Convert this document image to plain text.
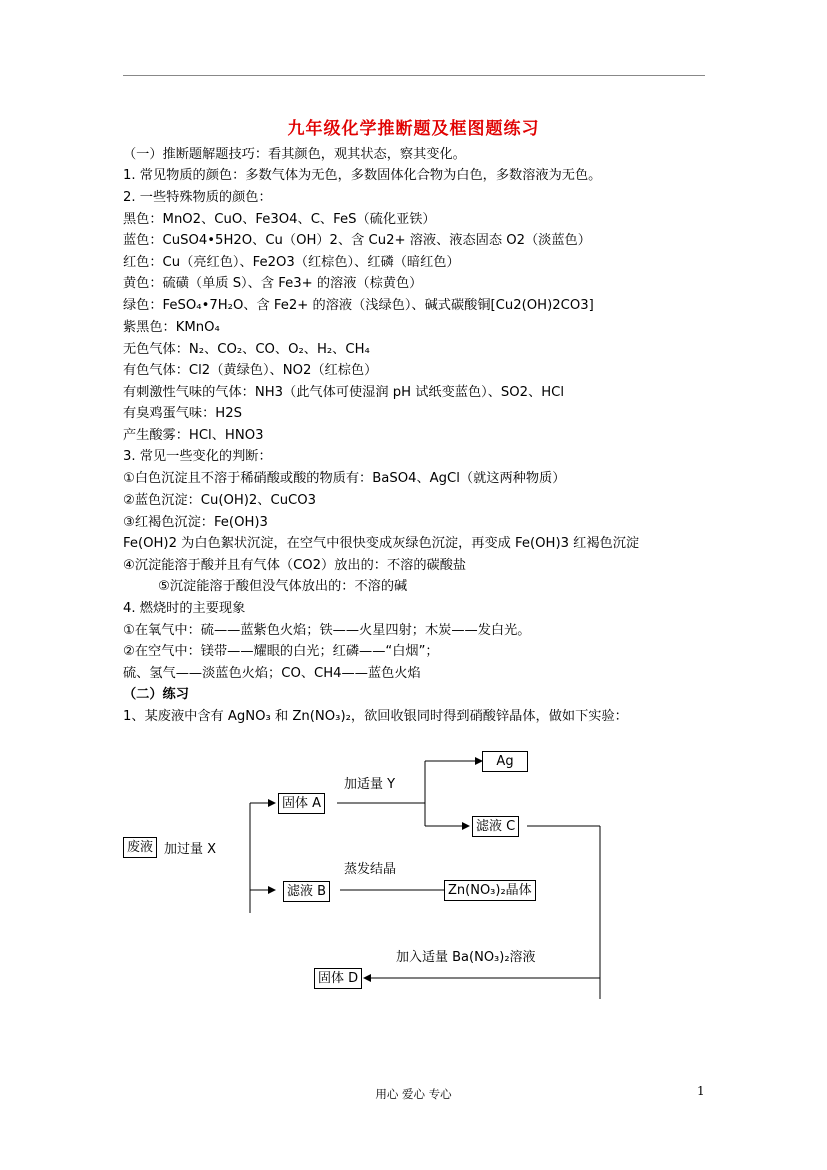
九年级化学推断题及框图题练习
（一）推断题解题技巧：看其颜色，观其状态，察其变化。
1. 常见物质的颜色：多数气体为无色，多数固体化合物为白色，多数溶液为无色。
2. 一些特殊物质的颜色：
黑色：MnO2、CuO、Fe3O4、C、FeS（硫化亚铁）
蓝色：CuSO4•5H2O、Cu（OH）2、含 Cu2+ 溶液、液态固态 O2（淡蓝色）
红色：Cu（亮红色）、Fe2O3（红棕色）、红磷（暗红色）
黄色：硫磺（单质 S）、含 Fe3+ 的溶液（棕黄色）
绿色：FeSO₄•7H₂O、含 Fe2+ 的溶液（浅绿色）、碱式碳酸铜[Cu2(OH)2CO3]
紫黑色：KMnO₄
无色气体：N₂、CO₂、CO、O₂、H₂、CH₄
有色气体：Cl2（黄绿色）、NO2（红棕色）
有刺激性气味的气体：NH3（此气体可使湿润 pH 试纸变蓝色）、SO2、HCl
有臭鸡蛋气味：H2S
产生酸雾：HCl、HNO3
3. 常见一些变化的判断：
①白色沉淀且不溶于稀硝酸或酸的物质有：BaSO4、AgCl（就这两种物质）
②蓝色沉淀：Cu(OH)2、CuCO3
③红褐色沉淀：Fe(OH)3
Fe(OH)2 为白色絮状沉淀，在空气中很快变成灰绿色沉淀，再变成 Fe(OH)3 红褐色沉淀
④沉淀能溶于酸并且有气体（CO2）放出的：不溶的碳酸盐
⑤沉淀能溶于酸但没气体放出的：不溶的碱
4. 燃烧时的主要现象
①在氧气中：硫——蓝紫色火焰；铁——火星四射；木炭——发白光。
②在空气中：镁带——耀眼的白光；红磷——“白烟”；
硫、氢气——淡蓝色火焰；CO、CH4——蓝色火焰
（二）练习
1、某废液中含有 AgNO₃ 和 Zn(NO₃)₂，欲回收银同时得到硝酸锌晶体，做如下实验：
废液 加过量 X
固体 A
滤液 B
加适量 Y
Ag
滤液 C
蒸发结晶
Zn(NO₃)₂晶体
加入适量 Ba(NO₃)₂溶液
固体 D
用心 爱心 专心	1
